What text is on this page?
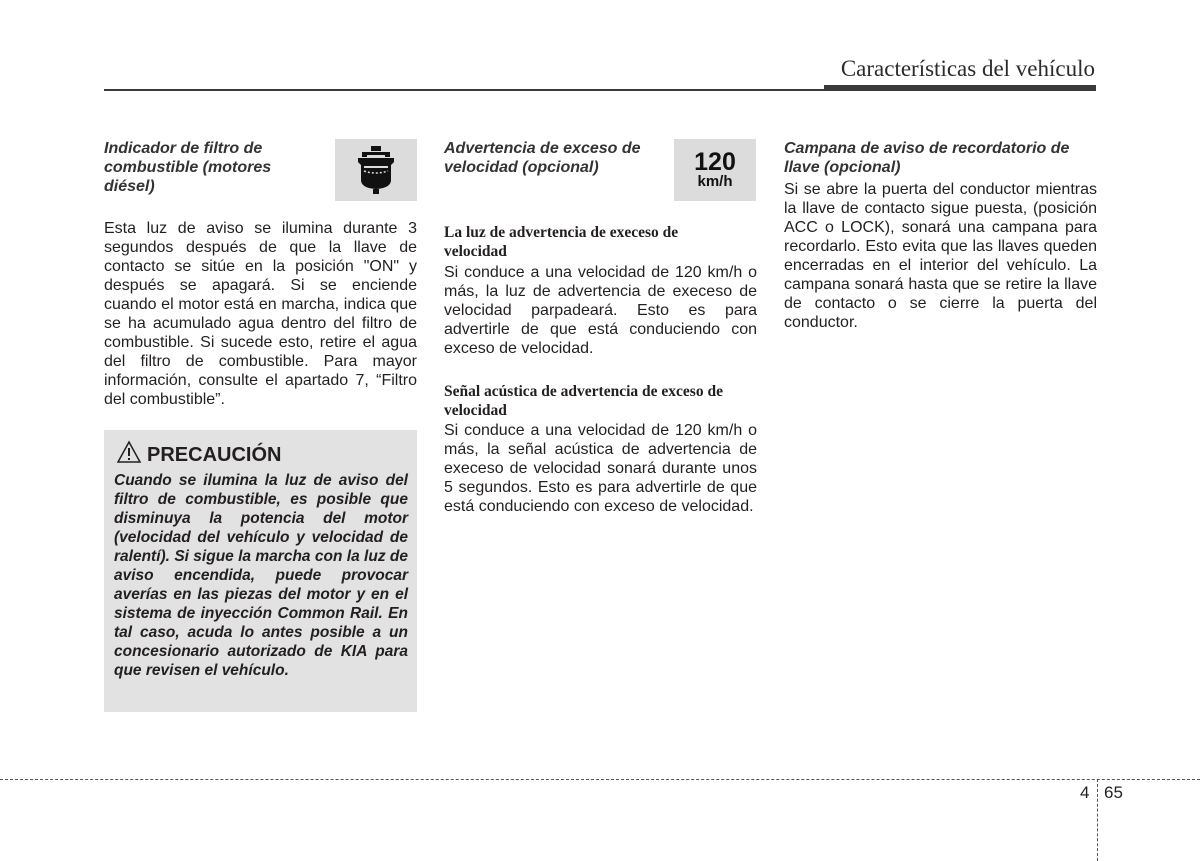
Características del vehículo
Indicador de filtro de combustible (motores diésel)
Esta luz de aviso se ilumina durante 3 segundos después de que la llave de contacto se sitúe en la posición "ON" y después se apagará. Si se enciende cuando el motor está en marcha, indica que se ha acumulado agua dentro del filtro de combustible. Si sucede esto, retire el agua del filtro de combustible. Para mayor información, consulte el apartado 7, “Filtro del combustible”.
PRECAUCIÓN
Cuando se ilumina la luz de aviso del filtro de combustible, es posible que disminuya la potencia del motor (velocidad del vehículo y velocidad de ralentí). Si sigue la marcha con la luz de aviso encendida, puede provocar averías en las piezas del motor y en el sistema de inyección Common Rail. En tal caso, acuda lo antes posible a un concesionario autorizado de KIA para que revisen el vehículo.
Advertencia de exceso de velocidad (opcional)	120
km/h
La luz de advertencia de execeso de velocidad
Si conduce a una velocidad de 120 km/h o más, la luz de advertencia de execeso de velocidad parpadeará. Esto es para advertirle de que está conduciendo con exceso de velocidad.
Señal acústica de advertencia de exceso de velocidad
Si conduce a una velocidad de 120 km/h o más, la señal acústica de advertencia de execeso de velocidad sonará durante unos 5 segundos. Esto es para advertirle de que está conduciendo con exceso de velocidad.
Campana de aviso de recordatorio de llave (opcional)
Si se abre la puerta del conductor mientras la llave de contacto sigue puesta, (posición ACC o LOCK), sonará una campana para recordarlo. Esto evita que las llaves queden encerradas en el interior del vehículo. La campana sonará hasta que se retire la llave de contacto o se cierre la puerta del conductor.
4 65
